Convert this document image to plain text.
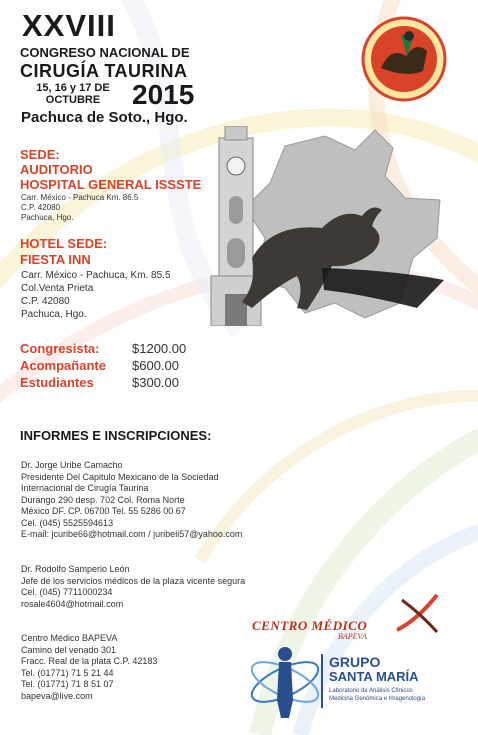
XXVIII
CONGRESO NACIONAL DE
CIRUGÍA TAURINA
15, 16 y 17 DE
OCTUBRE	2015
Pachuca de Soto., Hgo.
SEDE:
AUDITORIO
HOSPITAL GENERAL ISSSTE
Carr. México - Pachuca Km. 86.5
C.P. 42080
Pachuca, Hgo.
HOTEL SEDE:
FIESTA INN
Carr. México - Pachuca, Km. 85.5
Col.Venta Prieta
C.P. 42080
Pachuca, Hgo.
Congresista:	$1200.00
Acompañante $600.00
Estudiantes	$300.00
INFORMES E INSCRIPCIONES:
Dr. Jorge Uribe Camacho
Presidente Del Capitulo Mexicano de la Sociedad
Internacional de Cirugía Taurina
Durango 290 desp. 702 Col. Roma Norte
México DF. CP. 06700 Tel. 55 5286 00 67
Cel. (045) 5525594613
E-mail: jcuribe66@hotmail.com / juribeii57@yahoo.com
Dr. Rodolfo Samperio León
Jefe de los servicios médicos de la plaza vicente segura
Cel. (045) 7711000234
rosale4604@hotmail.com
Centro Médico BAPEVA
Camino del venado 301
Fracc. Real de la plata C.P. 42183
Tel. (01771) 71 5 21 44
Tel. (01771) 71 8 51 07
bapeva@live.com
CENTRO MÉDICO
BAPEVA
GRUPO
SANTA MARÍA
Laboratorio de Análisis Clínicos
Medicina Genómica e Imagenología
